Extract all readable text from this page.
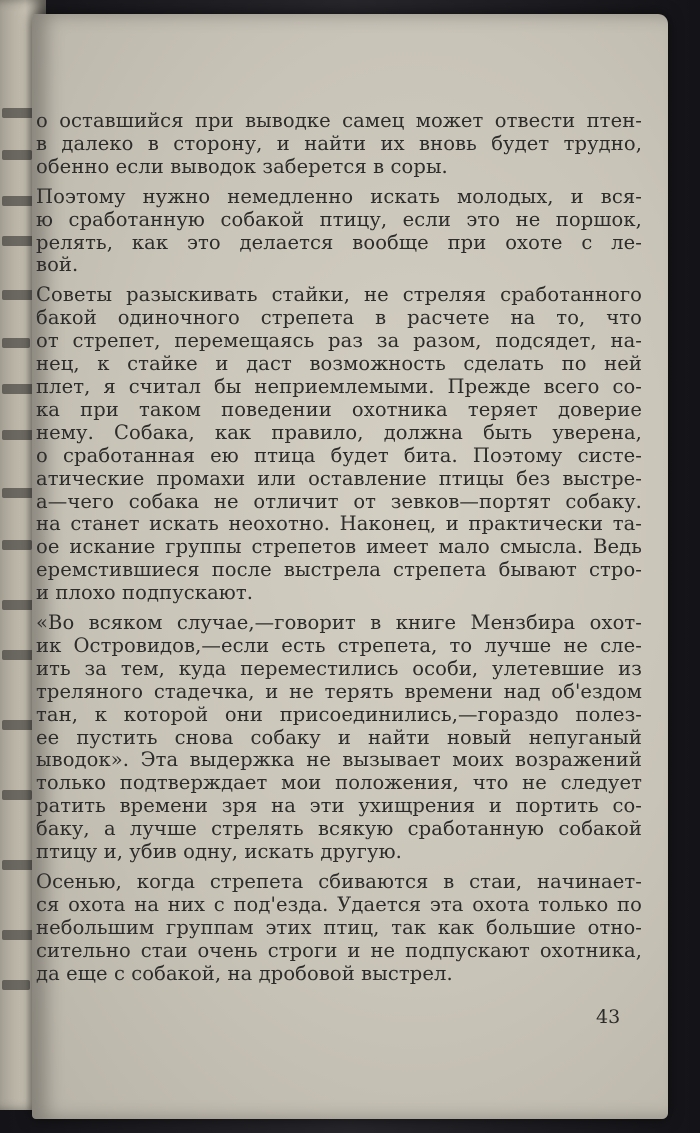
о оставшийся при выводке самец может отвести птен-
в далеко в сторону, и найти их вновь будет трудно,
обенно если выводок заберется в соры.

Поэтому нужно немедленно искать молодых, и вся-
ю сработанную собакой птицу, если это не поршок,
релять, как это делается вообще при охоте с ле-
вой.

Советы разыскивать стайки, не стреляя сработанного
бакой одиночного стрепета в расчете на то, что
от стрепет, перемещаясь раз за разом, подсядет, на-
нец, к стайке и даст возможность сделать по ней
плет, я считал бы неприемлемыми. Прежде всего со-
ка при таком поведении охотника теряет доверие
нему. Собака, как правило, должна быть уверена,
о сработанная ею птица будет бита. Поэтому систе-
атические промахи или оставление птицы без выстре-
а—чего собака не отличит от зевков—портят собаку.
на станет искать неохотно. Наконец, и практически та-
ое искание группы стрепетов имеет мало смысла. Ведь
еремстившиеся после выстрела стрепета бывают стро-
и плохо подпускают.

«Во всяком случае,—говорит в книге Мензбира охот-
ик Островидов,—если есть стрепета, то лучше не сле-
ить за тем, куда переместились особи, улетевшие из
треляного стадечка, и не терять времени над об'ездом
тан, к которой они присоединились,—гораздо полез-
ее пустить снова собаку и найти новый непуганый
ыводок». Эта выдержка не вызывает моих возражений
только подтверждает мои положения, что не следует
ратить времени зря на эти ухищрения и портить со-
баку, а лучше стрелять всякую сработанную собакой
птицу и, убив одну, искать другую.

Осенью, когда стрепета сбиваются в стаи, начинает-
ся охота на них с под'езда. Удается эта охота только по
небольшим группам этих птиц, так как большие отно-
сительно стаи очень строги и не подпускают охотника,
да еще с собакой, на дробовой выстрел.

43
